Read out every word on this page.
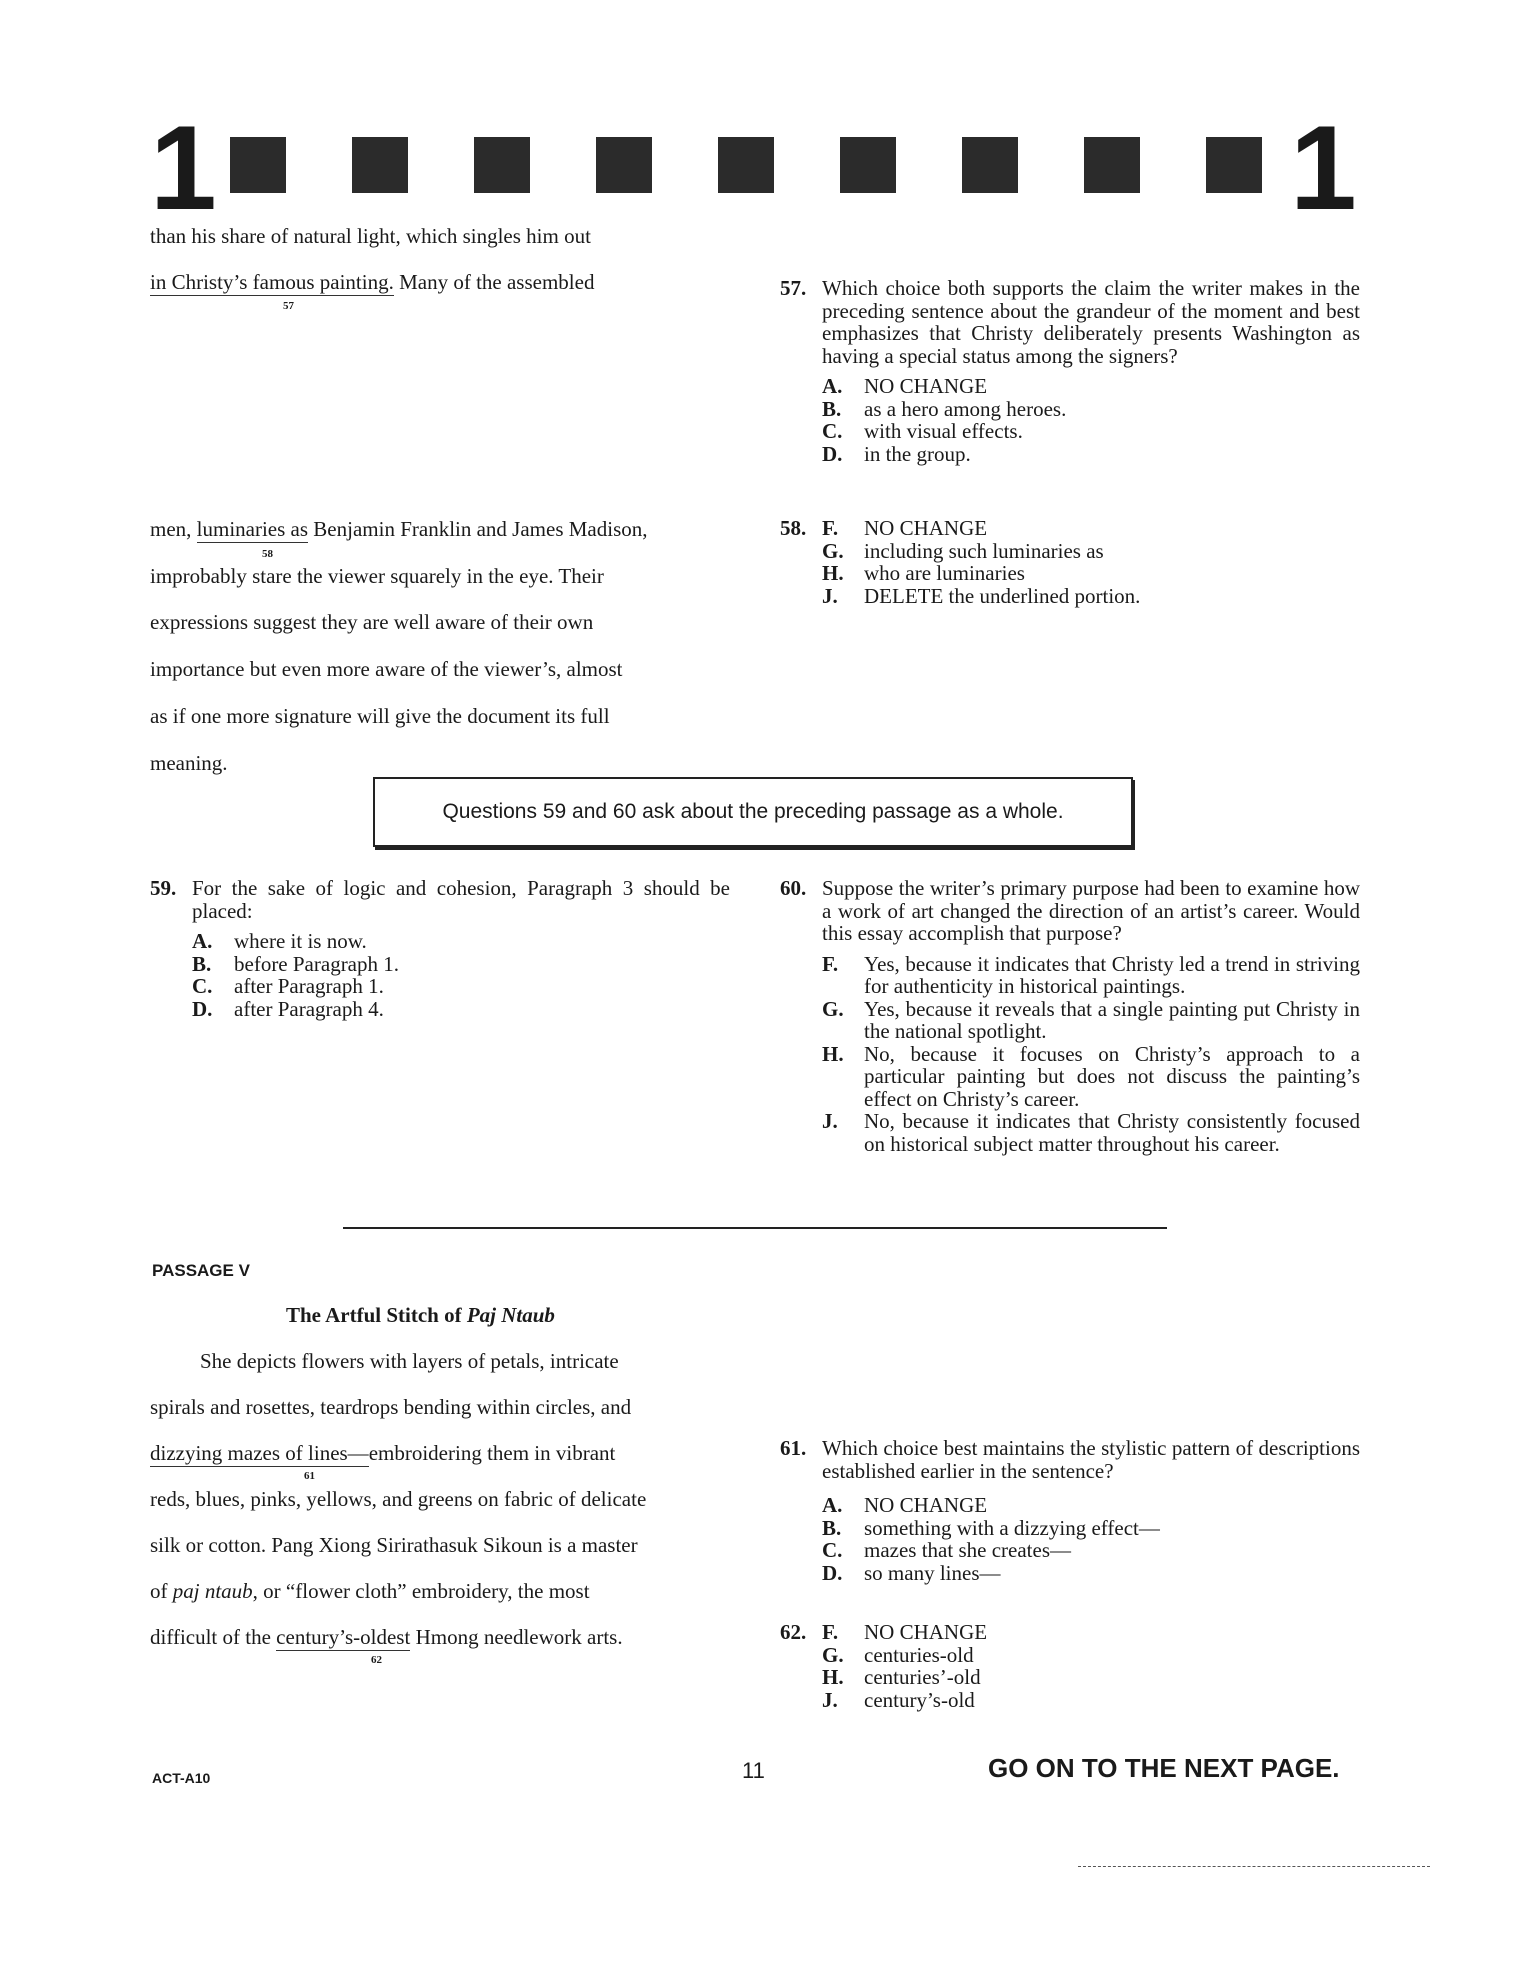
1	1
than his share of natural light, which singles him out
in Christy’s famous painting. Many of the assembled
57
men, luminaries as Benjamin Franklin and James Madison,
58
improbably stare the viewer squarely in the eye. Their
expressions suggest they are well aware of their own
importance but even more aware of the viewer’s, almost
as if one more signature will give the document its full
meaning.
57. Which choice both supports the claim the writer makes in the preceding sentence about the grandeur of the moment and best emphasizes that Christy deliberately presents Washington as having a special status among the signers?
A.	NO CHANGE
B.	as a hero among heroes.
C.	with visual effects.
D.	in the group.
58. F.	NO CHANGE
G. including such luminaries as
H. who are luminaries
J.	DELETE the underlined portion.
Questions 59 and 60 ask about the preceding passage as a whole.
59. For the sake of logic and cohesion, Paragraph 3 should be placed:
A.	where it is now.
B.	before Paragraph 1.
C.	after Paragraph 1.
D.	after Paragraph 4.
60. Suppose the writer’s primary purpose had been to examine how a work of art changed the direction of an artist’s career. Would this essay accomplish that purpose?
F.	Yes, because it indicates that Christy led a trend in striving for authenticity in historical paintings.
G. Yes, because it reveals that a single painting put Christy in the national spotlight.
H. No, because it focuses on Christy’s approach to a particular painting but does not discuss the painting’s effect on Christy’s career.
J.	No, because it indicates that Christy consistently focused on historical subject matter throughout his career.
PASSAGE V
The Artful Stitch of Paj Ntaub
She depicts flowers with layers of petals, intricate
spirals and rosettes, teardrops bending within circles, and
dizzying mazes of lines—embroidering them in vibrant
61
reds, blues, pinks, yellows, and greens on fabric of delicate
silk or cotton. Pang Xiong Sirirathasuk Sikoun is a master
of paj ntaub, or “flower cloth” embroidery, the most
difficult of the century’s-oldest Hmong needlework arts.
62
61. Which choice best maintains the stylistic pattern of descriptions established earlier in the sentence?
A.	NO CHANGE
B.	something with a dizzying effect—
C.	mazes that she creates—
D.	so many lines—
62. F.	NO CHANGE
G. centuries-old
H. centuries’-old
J.	century’s-old
ACT-A10	11	GO ON TO THE NEXT PAGE.
